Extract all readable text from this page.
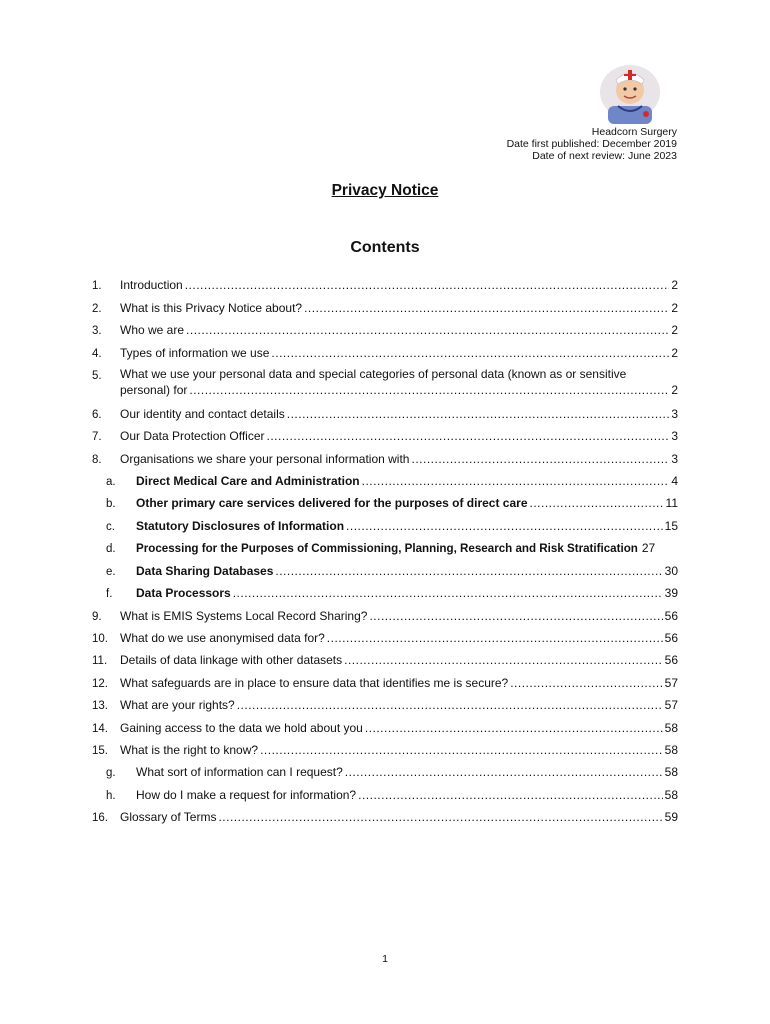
Headcorn Surgery
Date first published: December 2019
Date of next review: June 2023
Privacy Notice
Contents
1.	Introduction .....	2
2.	What is this Privacy Notice about? .....	2
3.	Who we are .....	2
4.	Types of information we use .....	2
5.	What we use your personal data and special categories of personal data (known as or sensitive
personal) for .....	2
6.	Our identity and contact details .....	3
7.	Our Data Protection Officer .....	3
8.	Organisations we share your personal information with .....	3
a.	Direct Medical Care and Administration .....	4
b.	Other primary care services delivered for the purposes of direct care .....	11
c.	Statutory Disclosures of Information .....	15
d.	Processing for the Purposes of Commissioning, Planning, Research and Risk Stratification 27
e.	Data Sharing Databases .....	30
f.	Data Processors .....	39
9.	What is EMIS Systems Local Record Sharing? .....	56
10.	What do we use anonymised data for? .....	56
11.	Details of data linkage with other datasets .....	56
12.	What safeguards are in place to ensure data that identifies me is secure? .....	57
13.	What are your rights? .....	57
14.	Gaining access to the data we hold about you .....	58
15.	What is the right to know? .....	58
g.	What sort of information can I request? .....	58
h.	How do I make a request for information? .....	58
16.	Glossary of Terms .....	59
1
